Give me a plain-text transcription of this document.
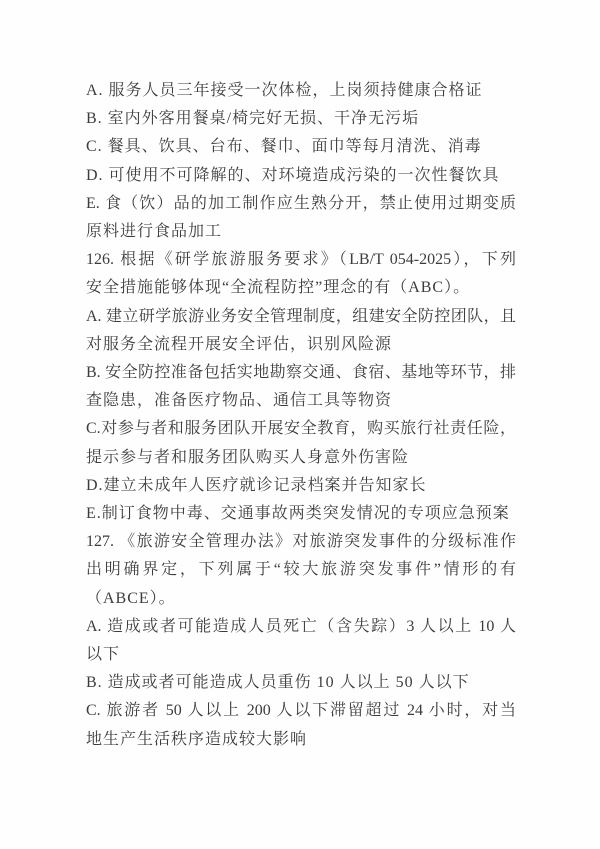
A. 服务人员三年接受一次体检，上岗须持健康合格证
B. 室内外客用餐桌/椅完好无损、干净无污垢
C. 餐具、饮具、台布、餐巾、面巾等每月清洗、消毒
D. 可使用不可降解的、对环境造成污染的一次性餐饮具
E. 食（饮）品的加工制作应生熟分开，禁止使用过期变质
原料进行食品加工
126. 根据《研学旅游服务要求》（LB/T 054-2025），下列
安全措施能够体现“全流程防控”理念的有（ABC）。
A. 建立研学旅游业务安全管理制度，组建安全防控团队，且
对服务全流程开展安全评估，识别风险源
B. 安全防控准备包括实地勘察交通、食宿、基地等环节，排
查隐患，准备医疗物品、通信工具等物资
C.对参与者和服务团队开展安全教育，购买旅行社责任险，
提示参与者和服务团队购买人身意外伤害险
D.建立未成年人医疗就诊记录档案并告知家长
E.制订食物中毒、交通事故两类突发情况的专项应急预案
127. 《旅游安全管理办法》对旅游突发事件的分级标准作
出明确界定，下列属于“较大旅游突发事件”情形的有
（ABCE）。
A. 造成或者可能造成人员死亡（含失踪）3 人以上 10 人
以下
B. 造成或者可能造成人员重伤 10 人以上 50 人以下
C. 旅游者 50 人以上 200 人以下滞留超过 24 小时，对当
地生产生活秩序造成较大影响
